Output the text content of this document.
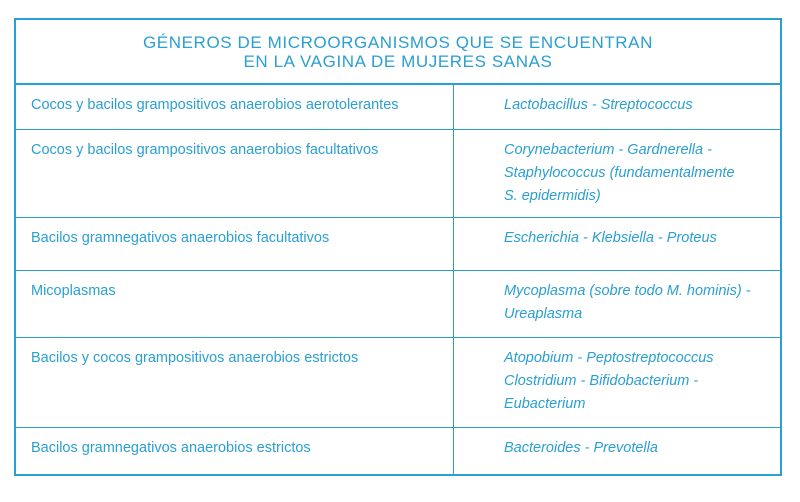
GÉNEROS DE MICROORGANISMOS QUE SE ENCUENTRAN
EN LA VAGINA DE MUJERES SANAS
Cocos y bacilos grampositivos anaerobios aerotolerantes	Lactobacillus - Streptococcus
Cocos y bacilos grampositivos anaerobios facultativos	Corynebacterium - Gardnerella -
Staphylococcus (fundamentalmente
S. epidermidis)
Bacilos gramnegativos anaerobios facultativos	Escherichia - Klebsiella - Proteus
Micoplasmas	Mycoplasma (sobre todo M. hominis) -
Ureaplasma
Bacilos y cocos grampositivos anaerobios estrictos	Atopobium - Peptostreptococcus
Clostridium - Bifidobacterium -
Eubacterium
Bacilos gramnegativos anaerobios estrictos	Bacteroides - Prevotella
